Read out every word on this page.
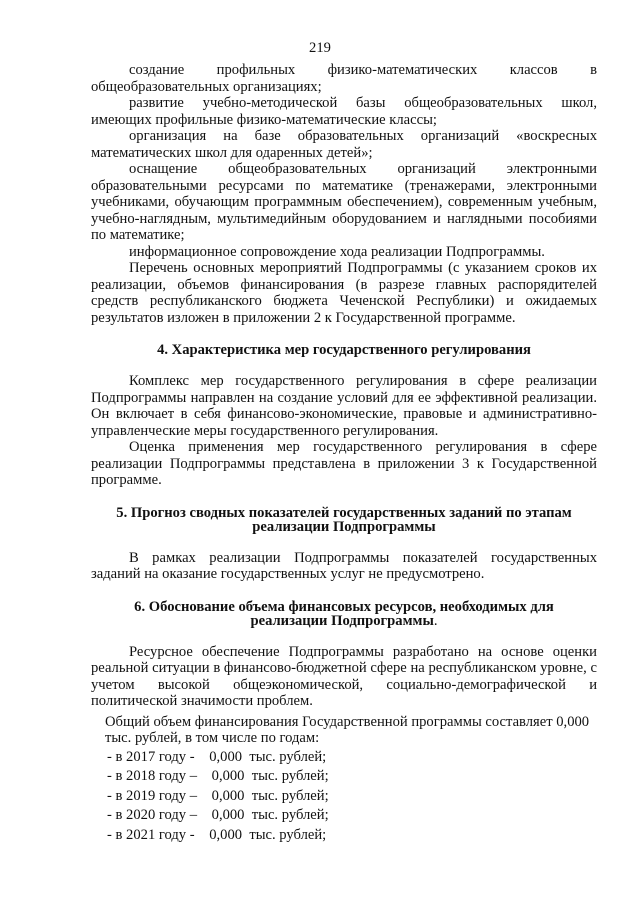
219

создание профильных физико-математических классов в общеобразовательных организациях;

развитие учебно-методической базы общеобразовательных школ, имеющих профильные физико-математические классы;

организация на базе образовательных организаций «воскресных математических школ для одаренных детей»;

оснащение общеобразовательных организаций электронными образовательными ресурсами по математике (тренажерами, электронными учебниками, обучающим программным обеспечением), современным учебным, учебно-наглядным, мультимедийным оборудованием и наглядными пособиями по математике;

информационное сопровождение хода реализации Подпрограммы.

Перечень основных мероприятий Подпрограммы (с указанием сроков их реализации, объемов финансирования (в разрезе главных распорядителей средств республиканского бюджета Чеченской Республики) и ожидаемых результатов изложен в приложении 2 к Государственной программе.

4. Характеристика мер государственного регулирования

Комплекс мер государственного регулирования в сфере реализации Подпрограммы направлен на создание условий для ее эффективной реализации. Он включает в себя финансово-экономические, правовые и административно-управленческие меры государственного регулирования.

Оценка применения мер государственного регулирования в сфере реализации Подпрограммы представлена в приложении 3 к Государственной программе.

5. Прогноз сводных показателей государственных заданий по этапам
реализации Подпрограммы

В рамках реализации Подпрограммы показателей государственных заданий на оказание государственных услуг не предусмотрено.

6. Обоснование объема финансовых ресурсов, необходимых для
реализации Подпрограммы.

Ресурсное обеспечение Подпрограммы разработано на основе оценки реальной ситуации в финансово-бюджетной сфере на республиканском уровне, с учетом высокой общеэкономической, социально-демографической и политической значимости проблем.

Общий объем финансирования Государственной программы составляет 0,000 тыс. рублей, в том числе по годам:

- в 2017 году -    0,000  тыс. рублей;
- в 2018 году –    0,000  тыс. рублей;
- в 2019 году –    0,000  тыс. рублей;
- в 2020 году –    0,000  тыс. рублей;
- в 2021 году -    0,000  тыс. рублей;
